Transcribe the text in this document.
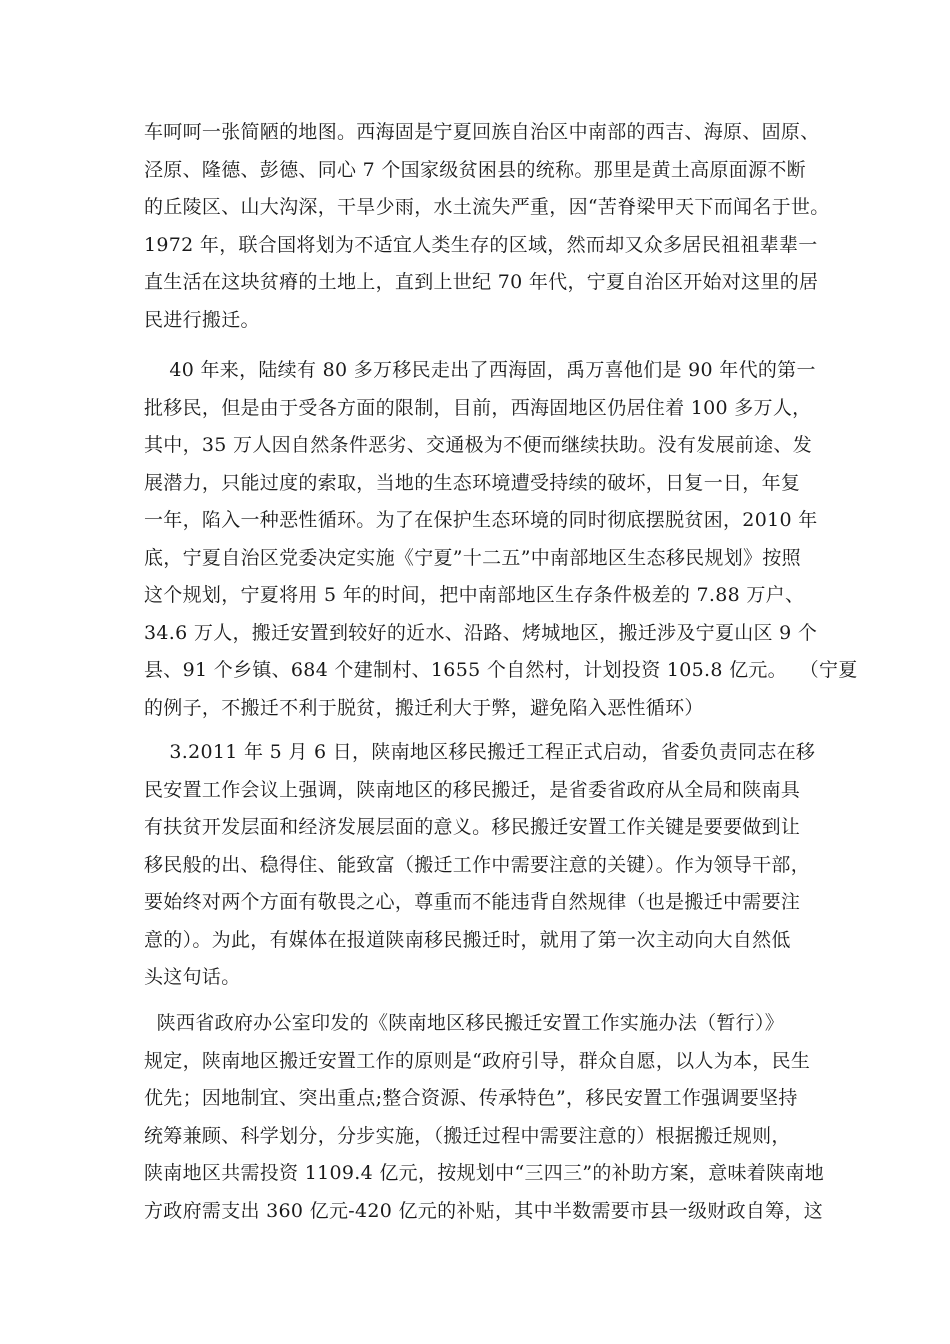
车呵呵一张简陋的地图。西海固是宁夏回族自治区中南部的西吉、海原、固原、
泾原、隆德、彭德、同心 7 个国家级贫困县的统称。那里是黄土高原面源不断
的丘陵区、山大沟深，干旱少雨，水土流失严重，因“苦脊梁甲天下而闻名于世。
1972 年，联合国将划为不适宜人类生存的区域，然而却又众多居民祖祖辈辈一
直生活在这块贫瘠的土地上，直到上世纪 70 年代，宁夏自治区开始对这里的居
民进行搬迁。
40 年来，陆续有 80 多万移民走出了西海固，禹万喜他们是 90 年代的第一
批移民，但是由于受各方面的限制，目前，西海固地区仍居住着 100 多万人，
其中，35 万人因自然条件恶劣、交通极为不便而继续扶助。没有发展前途、发
展潜力，只能过度的索取，当地的生态环境遭受持续的破坏，日复一日，年复
一年，陷入一种恶性循环。为了在保护生态环境的同时彻底摆脱贫困，2010 年
底，宁夏自治区党委决定实施《宁夏”十二五”中南部地区生态移民规划》按照
这个规划，宁夏将用 5 年的时间，把中南部地区生存条件极差的 7.88 万户、
34.6 万人，搬迁安置到较好的近水、沿路、烤城地区，搬迁涉及宁夏山区 9 个
县、91 个乡镇、684 个建制村、1655 个自然村，计划投资 105.8 亿元。  （宁夏
的例子，不搬迁不利于脱贫，搬迁利大于弊，避免陷入恶性循环）
3.2011 年 5 月 6 日，陕南地区移民搬迁工程正式启动，省委负责同志在移
民安置工作会议上强调，陕南地区的移民搬迁，是省委省政府从全局和陕南具
有扶贫开发层面和经济发展层面的意义。移民搬迁安置工作关键是要要做到让
移民般的出、稳得住、能致富（搬迁工作中需要注意的关键）。作为领导干部，
要始终对两个方面有敬畏之心，尊重而不能违背自然规律（也是搬迁中需要注
意的）。为此，有媒体在报道陕南移民搬迁时，就用了第一次主动向大自然低
头这句话。
陕西省政府办公室印发的《陕南地区移民搬迁安置工作实施办法（暂行）》
规定，陕南地区搬迁安置工作的原则是“政府引导，群众自愿，以人为本，民生
优先；因地制宜、突出重点;整合资源、传承特色”，移民安置工作强调要坚持
统筹兼顾、科学划分，分步实施，（搬迁过程中需要注意的）根据搬迁规则，
陕南地区共需投资 1109.4 亿元，按规划中“三四三”的补助方案，意味着陕南地
方政府需支出 360 亿元-420 亿元的补贴，其中半数需要市县一级财政自筹，这
